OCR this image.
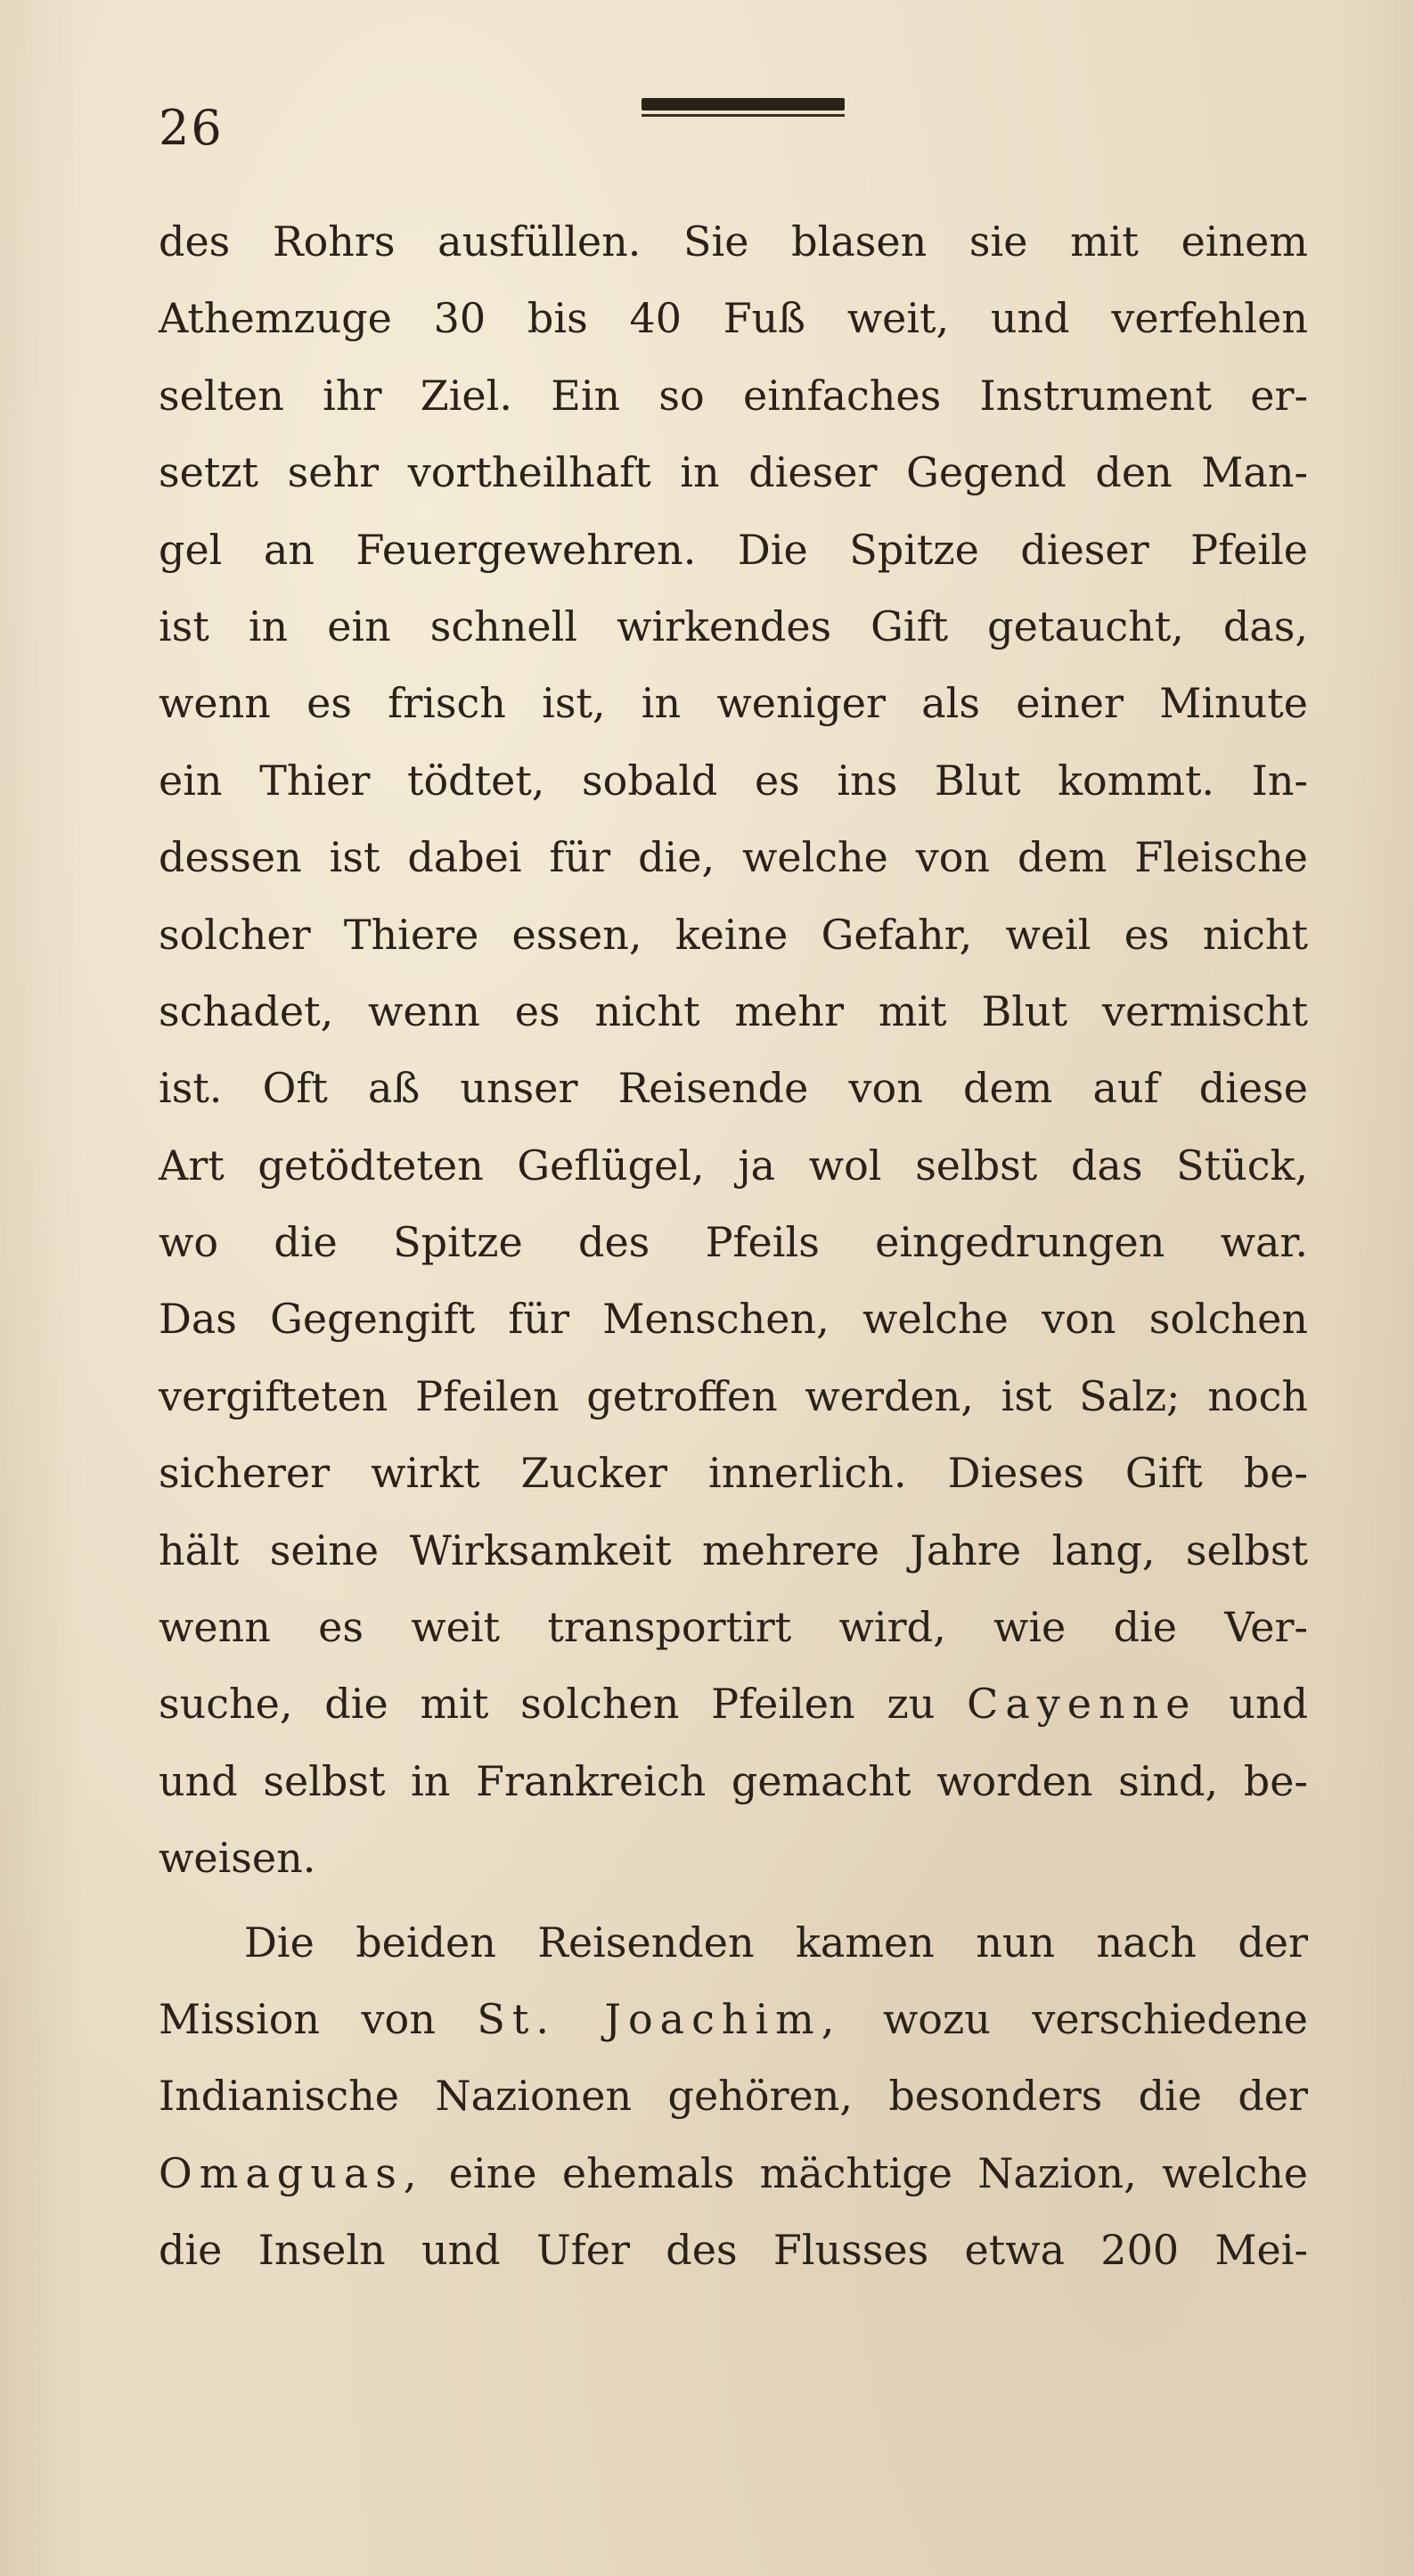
26
des Rohrs ausfüllen. Sie blasen sie mit einem
Athemzuge 30 bis 40 Fuß weit, und verfehlen
selten ihr Ziel. Ein so einfaches Instrument er-
setzt sehr vortheilhaft in dieser Gegend den Man-
gel an Feuergewehren. Die Spitze dieser Pfeile
ist in ein schnell wirkendes Gift getaucht, das,
wenn es frisch ist, in weniger als einer Minute
ein Thier tödtet, sobald es ins Blut kommt. In-
dessen ist dabei für die, welche von dem Fleische
solcher Thiere essen, keine Gefahr, weil es nicht
schadet, wenn es nicht mehr mit Blut vermischt
ist. Oft aß unser Reisende von dem auf diese
Art getödteten Geflügel, ja wol selbst das Stück,
wo die Spitze des Pfeils eingedrungen war.
Das Gegengift für Menschen, welche von solchen
vergifteten Pfeilen getroffen werden, ist Salz; noch
sicherer wirkt Zucker innerlich. Dieses Gift be-
hält seine Wirksamkeit mehrere Jahre lang, selbst
wenn es weit transportirt wird, wie die Ver-
suche, die mit solchen Pfeilen zu Cayenne und
und selbst in Frankreich gemacht worden sind, be-
weisen.
Die beiden Reisenden kamen nun nach der
Mission von St. Joachim, wozu verschiedene
Indianische Nazionen gehören, besonders die der
Omaguas, eine ehemals mächtige Nazion, welche
die Inseln und Ufer des Flusses etwa 200 Mei-
